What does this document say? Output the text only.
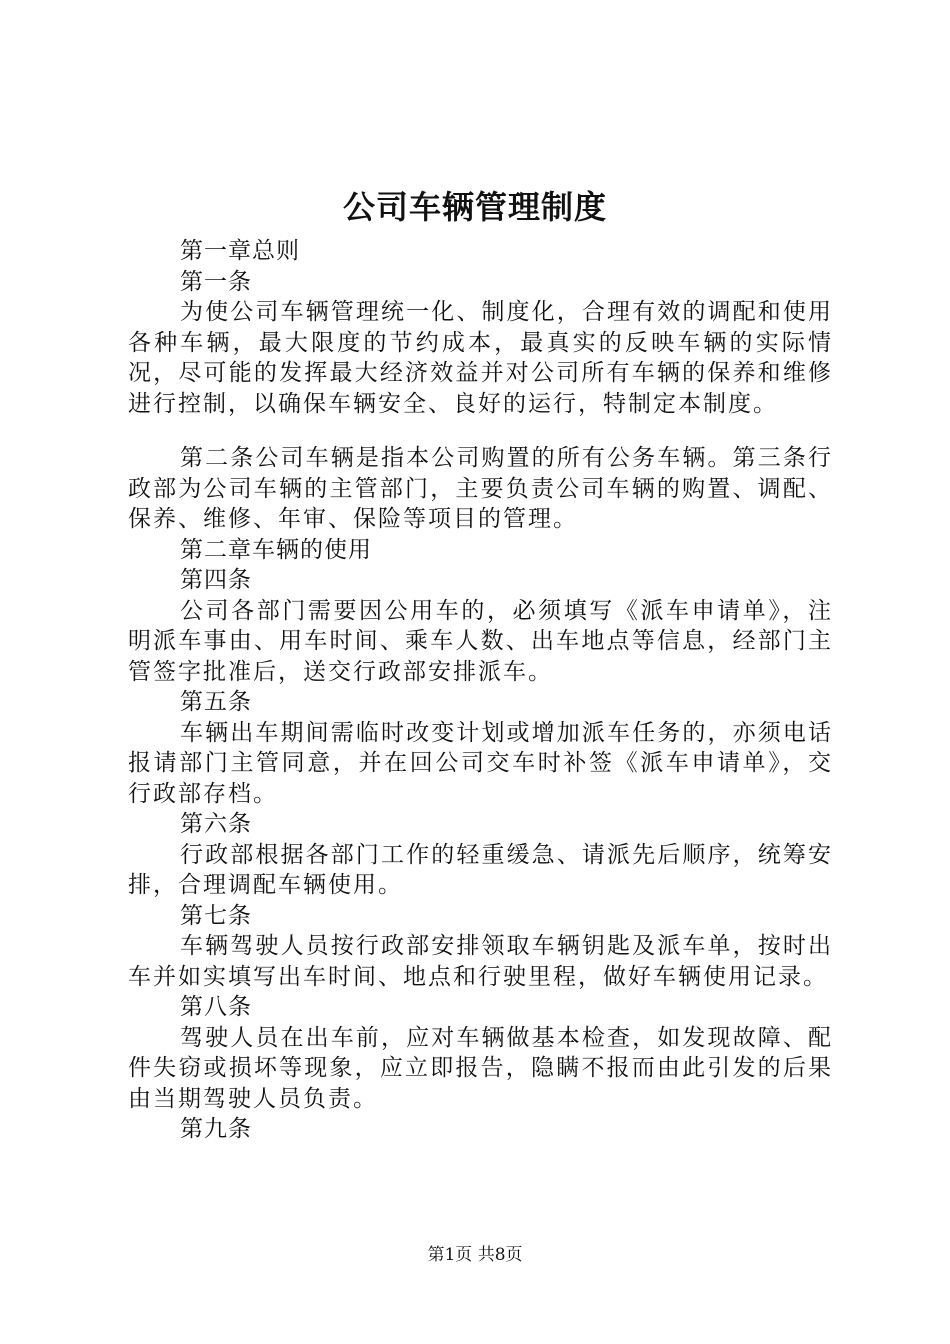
公司车辆管理制度

第一章总则

第一条

为使公司车辆管理统一化、制度化，合理有效的调配和使用各种车辆，最大限度的节约成本，最真实的反映车辆的实际情况，尽可能的发挥最大经济效益并对公司所有车辆的保养和维修进行控制，以确保车辆安全、良好的运行，特制定本制度。

第二条公司车辆是指本公司购置的所有公务车辆。第三条行政部为公司车辆的主管部门，主要负责公司车辆的购置、调配、保养、维修、年审、保险等项目的管理。

第二章车辆的使用

第四条

公司各部门需要因公用车的，必须填写《派车申请单》，注明派车事由、用车时间、乘车人数、出车地点等信息，经部门主管签字批准后，送交行政部安排派车。

第五条

车辆出车期间需临时改变计划或增加派车任务的，亦须电话报请部门主管同意，并在回公司交车时补签《派车申请单》，交行政部存档。

第六条

行政部根据各部门工作的轻重缓急、请派先后顺序，统筹安排，合理调配车辆使用。

第七条

车辆驾驶人员按行政部安排领取车辆钥匙及派车单，按时出车并如实填写出车时间、地点和行驶里程，做好车辆使用记录。

第八条

驾驶人员在出车前，应对车辆做基本检查，如发现故障、配件失窃或损坏等现象，应立即报告，隐瞒不报而由此引发的后果由当期驾驶人员负责。

第九条

第1页 共8页
